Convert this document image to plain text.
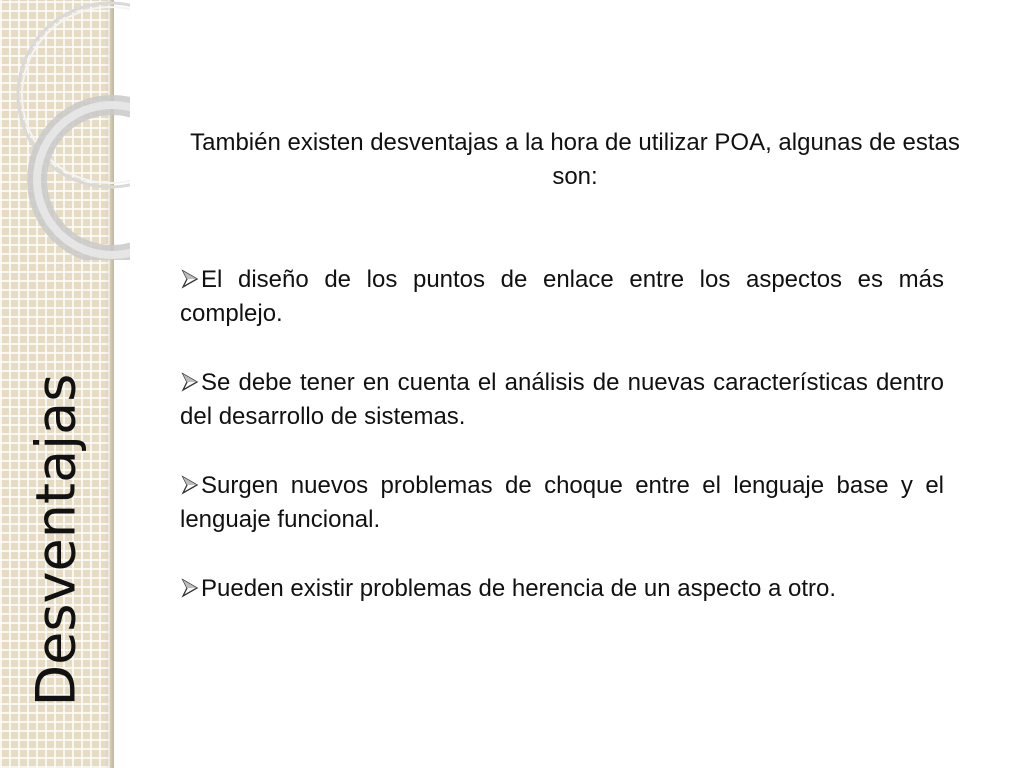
Desventajas
También existen desventajas a la hora de utilizar POA, algunas de estas son:
El diseño de los puntos de enlace entre los aspectos es más complejo.
Se debe tener en cuenta el análisis de nuevas características dentro del desarrollo de sistemas.
Surgen nuevos problemas de choque entre el lenguaje base y el lenguaje funcional.
Pueden existir problemas de herencia de un aspecto a otro.
